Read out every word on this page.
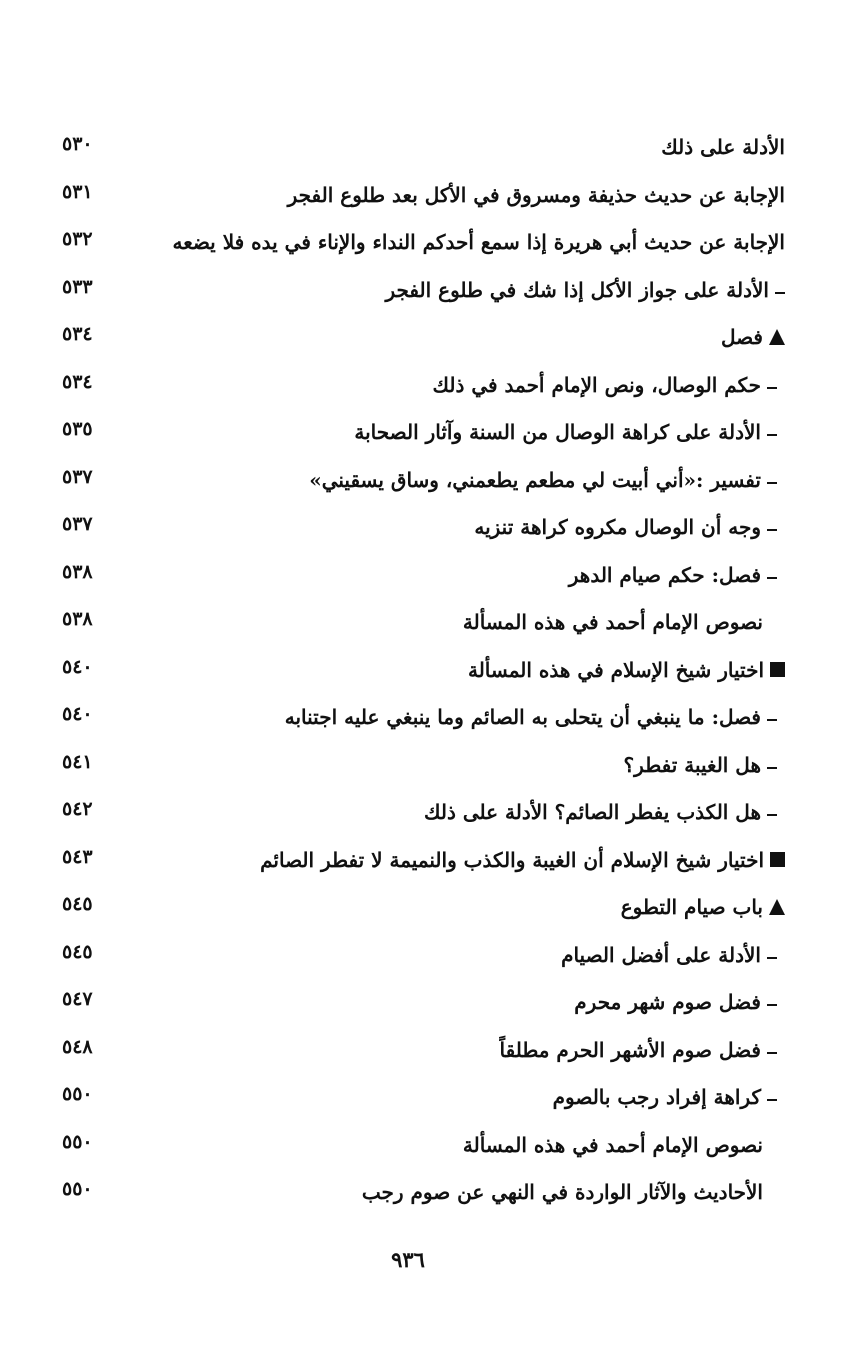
الأدلة على ذلك
٥٣٠
الإجابة عن حديث حذيفة ومسروق في الأكل بعد طلوع الفجر
٥٣١
الإجابة عن حديث أبي هريرة إذا سمع أحدكم النداء والإناء في يده فلا يضعه
٥٣٢
الأدلة على جواز الأكل إذا شك في طلوع الفجر
٥٣٣
فصل
٥٣٤
حكم الوصال، ونص الإمام أحمد في ذلك
٥٣٤
الأدلة على كراهة الوصال من السنة وآثار الصحابة
٥٣٥
تفسير :«أني أبيت لي مطعم يطعمني، وساق يسقيني»
٥٣٧
وجه أن الوصال مكروه كراهة تنزيه
٥٣٧
فصل: حكم صيام الدهر
٥٣٨
نصوص الإمام أحمد في هذه المسألة
٥٣٨
اختيار شيخ الإسلام في هذه المسألة
٥٤٠
فصل: ما ينبغي أن يتحلى به الصائم وما ينبغي عليه اجتنابه
٥٤٠
هل الغيبة تفطر؟
٥٤١
هل الكذب يفطر الصائم؟ الأدلة على ذلك
٥٤٢
اختيار شيخ الإسلام أن الغيبة والكذب والنميمة لا تفطر الصائم
٥٤٣
باب صيام التطوع
٥٤٥
الأدلة على أفضل الصيام
٥٤٥
فضل صوم شهر محرم
٥٤٧
فضل صوم الأشهر الحرم مطلقاً
٥٤٨
كراهة إفراد رجب بالصوم
٥٥٠
نصوص الإمام أحمد في هذه المسألة
٥٥٠
الأحاديث والآثار الواردة في النهي عن صوم رجب
٥٥٠
٩٣٦
